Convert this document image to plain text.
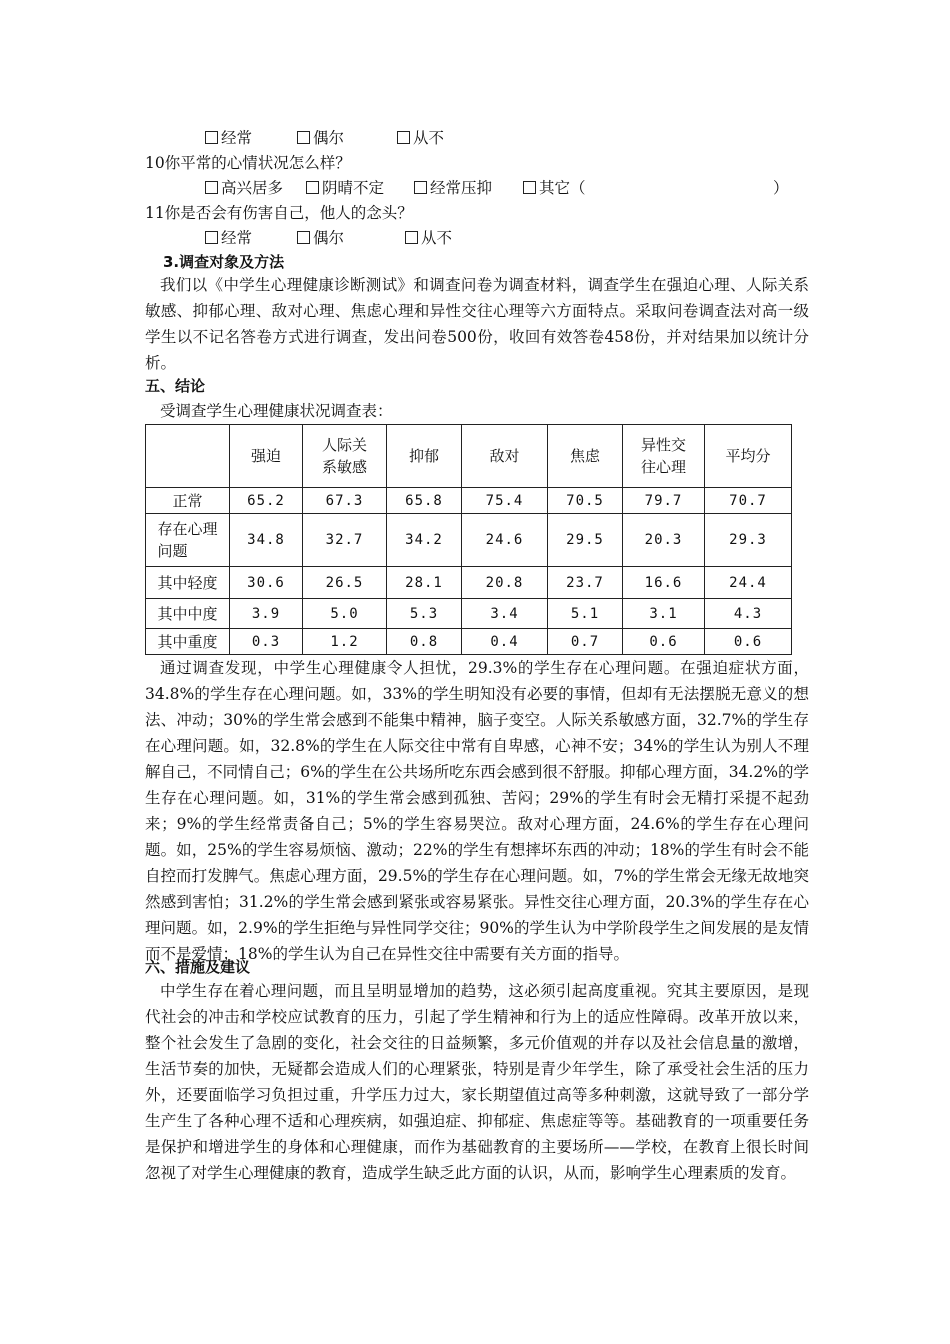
经常	偶尔	从不
10你平常的心情状况怎么样？
高兴居多	阴晴不定	经常压抑	其它（	）
11你是否会有伤害自己，他人的念头？
经常	偶尔	从不
3.调查对象及方法
我们以《中学生心理健康诊断测试》和调查问卷为调查材料，调查学生在强迫心理、人际关系敏感、抑郁心理、敌对心理、焦虑心理和异性交往心理等六方面特点。采取问卷调查法对高一级学生以不记名答卷方式进行调查，发出问卷500份，收回有效答卷458份，并对结果加以统计分析。
五、结论
受调查学生心理健康状况调查表：
	强迫	人际关系敏感	抑郁	敌对	焦虑	异性交往心理	平均分
正常	65.2	67.3	65.8	75.4	70.5	79.7	70.7

存在心理问题	34.8	32.7	34.2	24.6	29.5	20.3	29.3
其中轻度	30.6	26.5	28.1	20.8	23.7	16.6	24.4
其中中度	3.9	5.0	5.3	3.4	5.1	3.1	4.3
其中重度	0.3	1.2	0.8	0.4	0.7	0.6	0.6
通过调查发现，中学生心理健康令人担忧，29.3%的学生存在心理问题。在强迫症状方面，34.8%的学生存在心理问题。如，33%的学生明知没有必要的事情，但却有无法摆脱无意义的想法、冲动；30%的学生常会感到不能集中精神，脑子变空。人际关系敏感方面，32.7%的学生存在心理问题。如，32.8%的学生在人际交往中常有自卑感，心神不安；34%的学生认为别人不理解自己，不同情自己；6%的学生在公共场所吃东西会感到很不舒服。抑郁心理方面，34.2%的学生存在心理问题。如，31%的学生常会感到孤独、苦闷；29%的学生有时会无精打采提不起劲来；9%的学生经常责备自己；5%的学生容易哭泣。敌对心理方面，24.6%的学生存在心理问题。如，25%的学生容易烦恼、激动；22%的学生有想摔坏东西的冲动；18%的学生有时会不能自控而打发脾气。焦虑心理方面，29.5%的学生存在心理问题。如，7%的学生常会无缘无故地突然感到害怕；31.2%的学生常会感到紧张或容易紧张。异性交往心理方面，20.3%的学生存在心理问题。如，2.9%的学生拒绝与异性同学交往；90%的学生认为中学阶段学生之间发展的是友情而不是爱情；18%的学生认为自己在异性交往中需要有关方面的指导。
六、措施及建议
中学生存在着心理问题，而且呈明显增加的趋势，这必须引起高度重视。究其主要原因，是现代社会的冲击和学校应试教育的压力，引起了学生精神和行为上的适应性障碍。改革开放以来，整个社会发生了急剧的变化，社会交往的日益频繁，多元价值观的并存以及社会信息量的激增，生活节奏的加快，无疑都会造成人们的心理紧张，特别是青少年学生，除了承受社会生活的压力外，还要面临学习负担过重，升学压力过大，家长期望值过高等多种刺激，这就导致了一部分学生产生了各种心理不适和心理疾病，如强迫症、抑郁症、焦虑症等等。基础教育的一项重要任务是保护和增进学生的身体和心理健康，而作为基础教育的主要场所——学校，在教育上很长时间忽视了对学生心理健康的教育，造成学生缺乏此方面的认识，从而，影响学生心理素质的发育。
